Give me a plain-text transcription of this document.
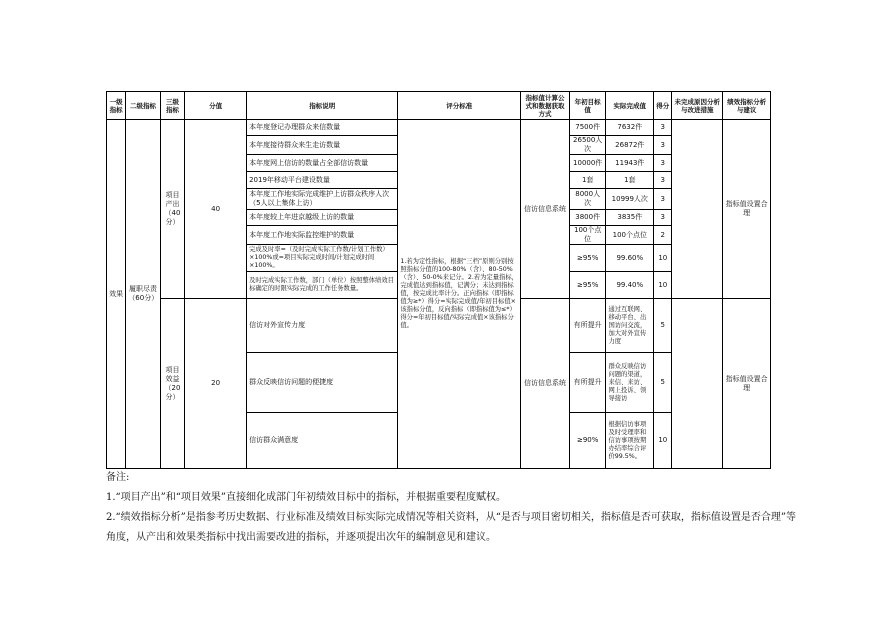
一级指标	二级指标	三级指标	分值	指标说明	评分标准	指标值计算公式和数据获取方式	年初目标值	实际完成值	得分	未完成原因分析与改进措施	绩效指标分析与建议
效果	履职尽责（60分）	项目产出（40分）	40	本年度登记办理群众来信数量	1.若为定性指标，根据“三档”原则分别按照指标分值的100-80%（含）、80-50%（含）、50-0%来记分。2.若为定量指标，完成值达到指标值，记满分；未达到指标值，按完成比率计分。正向指标（即指标值为≥*）得分=实际完成值/年初目标值×该指标分值，反向指标（即指标值为≤*）得分=年初目标值/实际完成值×该指标分值。	信访信息系统	7500件	7632件	3		指标值设置合理
				本年度接待群众来生走访数量			26500人次	26872件	3		
				本年度网上信访的数量占全部信访数量			10000件	11943件	3		
				2019年移动平台建设数量			1套	1套	3		
				本年度工作地实际完成维护上访群众秩序人次（5人以上集体上访）			8000人次	10999人次	3		
				本年度较上年进京越级上访的数量			3800件	3835件	3		
				本年度工作地实际监控维护的数量			100个点位	100个点位	2		
				完成及时率=（及时完成实际工作数/计划工作数）×100%或=项目实际完成时间/计划完成时间×100%。			≥95%	99.60%	10		
				及时完成实际工作数，部门（单位）按照整体绩效目标确定的时限实际完成的工作任务数量。			≥95%	99.40%	10		
		项目效益（20分）	20	信访对外宣传力度		信访信息系统	有所提升	通过互联网、移动平台、出国访问交流，加大对外宣传力度	5		指标值设置合理
				群众反映信访问题的便捷度			有所提升	群众反映信访问题的渠道，来信、来访、网上投诉、领导接访	5		
				信访群众满意度			≥90%	根据信访事项及时受理率和信访事项按期办结率综合评价99.5%。	10		

备注:

1.“项目产出”和“项目效果”直接细化成部门年初绩效目标中的指标，并根据重要程度赋权。

2.“绩效指标分析”是指参考历史数据、行业标准及绩效目标实际完成情况等相关资料，从“是否与项目密切相关，指标值是否可获取，指标值设置是否合理”等角度，从产出和效果类指标中找出需要改进的指标，并逐项提出次年的编制意见和建议。
